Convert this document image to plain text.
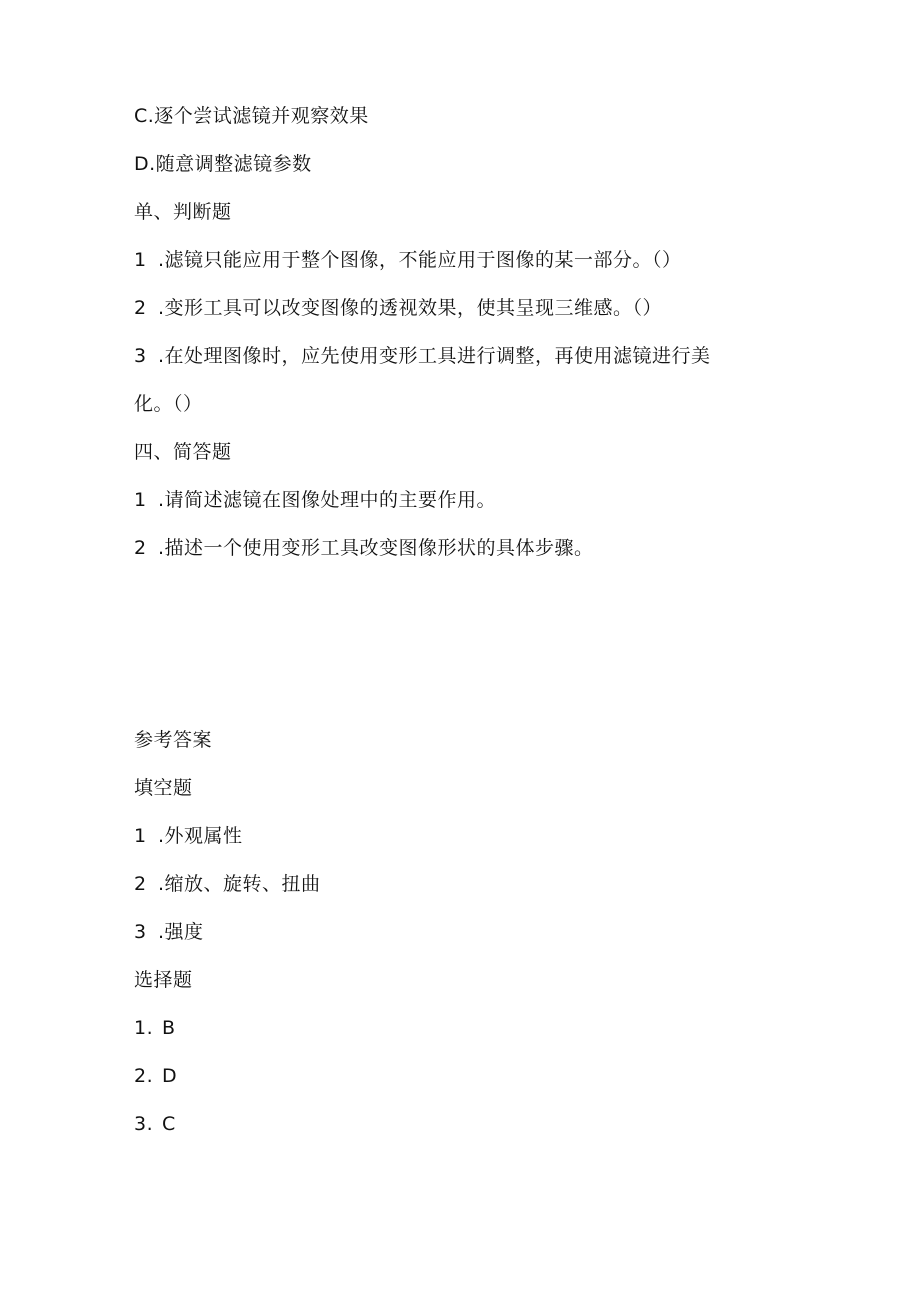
C.逐个尝试滤镜并观察效果
D.随意调整滤镜参数
单、判断题
1 .滤镜只能应用于整个图像，不能应用于图像的某一部分。（）
2 .变形工具可以改变图像的透视效果，使其呈现三维感。（）
3 .在处理图像时，应先使用变形工具进行调整，再使用滤镜进行美
化。（）
四、简答题
1 .请简述滤镜在图像处理中的主要作用。
2 .描述一个使用变形工具改变图像形状的具体步骤。
参考答案
填空题
1 .外观属性
2 .缩放、旋转、扭曲
3 .强度
选择题
1. B
2. D
3. C
